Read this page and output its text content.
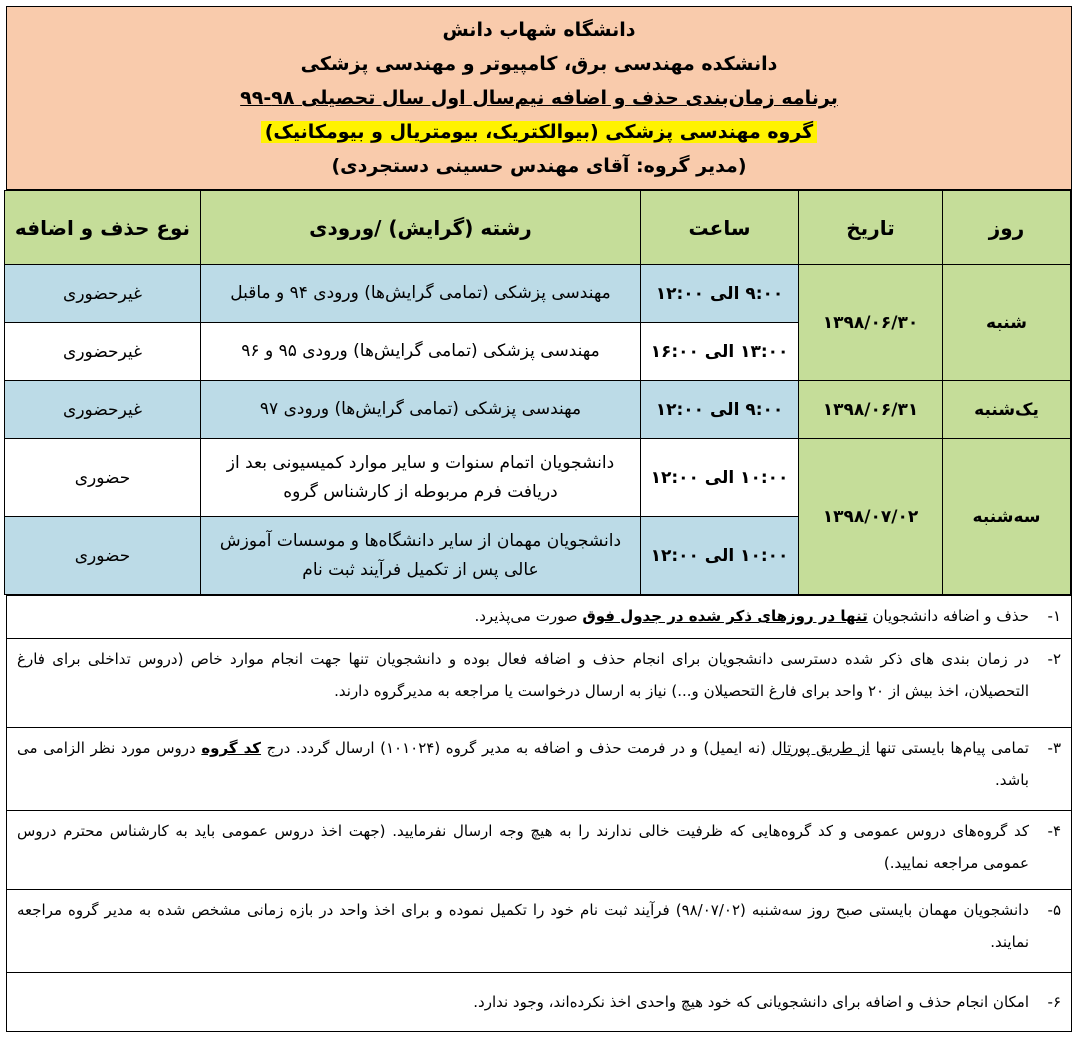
دانشگاه شهاب دانش
دانشکده مهندسی برق، کامپیوتر و مهندسی پزشکی
برنامه زمان‌بندی حذف و اضافه نیم‌سال اول سال تحصیلی ۹۸-۹۹
گروه مهندسی پزشکی (بیوالکتریک، بیومتریال و بیومکانیک)
(مدیر گروه: آقای مهندس حسینی دستجردی)
روز	تاریخ	ساعت	رشته (گرایش) /ورودی	نوع حذف و اضافه
شنبه	۱۳۹۸/۰۶/۳۰	۹:۰۰ الی ۱۲:۰۰	مهندسی پزشکی (تمامی گرایش‌ها) ورودی ۹۴ و ماقبل	غیرحضوری
		۱۳:۰۰ الی ۱۶:۰۰	مهندسی پزشکی (تمامی گرایش‌ها) ورودی ۹۵ و ۹۶	غیرحضوری
یک‌شنبه	۱۳۹۸/۰۶/۳۱	۹:۰۰ الی ۱۲:۰۰	مهندسی پزشکی (تمامی گرایش‌ها) ورودی ۹۷	غیرحضوری
سه‌شنبه	۱۳۹۸/۰۷/۰۲	۱۰:۰۰ الی ۱۲:۰۰	دانشجویان اتمام سنوات و سایر موارد کمیسیونی بعد از دریافت فرم مربوطه از کارشناس گروه	حضوری
		۱۰:۰۰ الی ۱۲:۰۰	دانشجویان مهمان از سایر دانشگاه‌ها و موسسات آموزش عالی پس از تکمیل فرآیند ثبت نام	حضوری
۱-
حذف و اضافه دانشجویان تنها در روزهای ذکر شده در جدول فوق صورت می‌پذیرد.
۲-
در زمان بندی های ذکر شده دسترسی دانشجویان برای انجام حذف و اضافه فعال بوده و دانشجویان تنها جهت انجام موارد خاص (دروس تداخلی برای فارغ التحصیلان، اخذ بیش از ۲۰ واحد برای فارغ التحصیلان و...) نیاز به ارسال درخواست یا مراجعه به مدیرگروه دارند.
۳-
تمامی پیام‌ها بایستی تنها از طریق پورتال (نه ایمیل) و در فرمت حذف و اضافه به مدیر گروه (۱۰۱۰۲۴) ارسال گردد. درج کد گروه دروس مورد نظر الزامی می باشد.
۴-
کد گروه‌های دروس عمومی و کد گروه‌هایی که ظرفیت خالی ندارند را به هیچ وجه ارسال نفرمایید. (جهت اخذ دروس عمومی باید به کارشناس محترم دروس عمومی مراجعه نمایید.)
۵-
دانشجویان مهمان بایستی صبح روز سه‌شنبه (۹۸/۰۷/۰۲) فرآیند ثبت نام خود را تکمیل نموده و برای اخذ واحد در بازه زمانی مشخص شده به مدیر گروه مراجعه نمایند.
۶-
امکان انجام حذف و اضافه برای دانشجویانی که خود هیچ واحدی اخذ نکرده‌اند، وجود ندارد.
